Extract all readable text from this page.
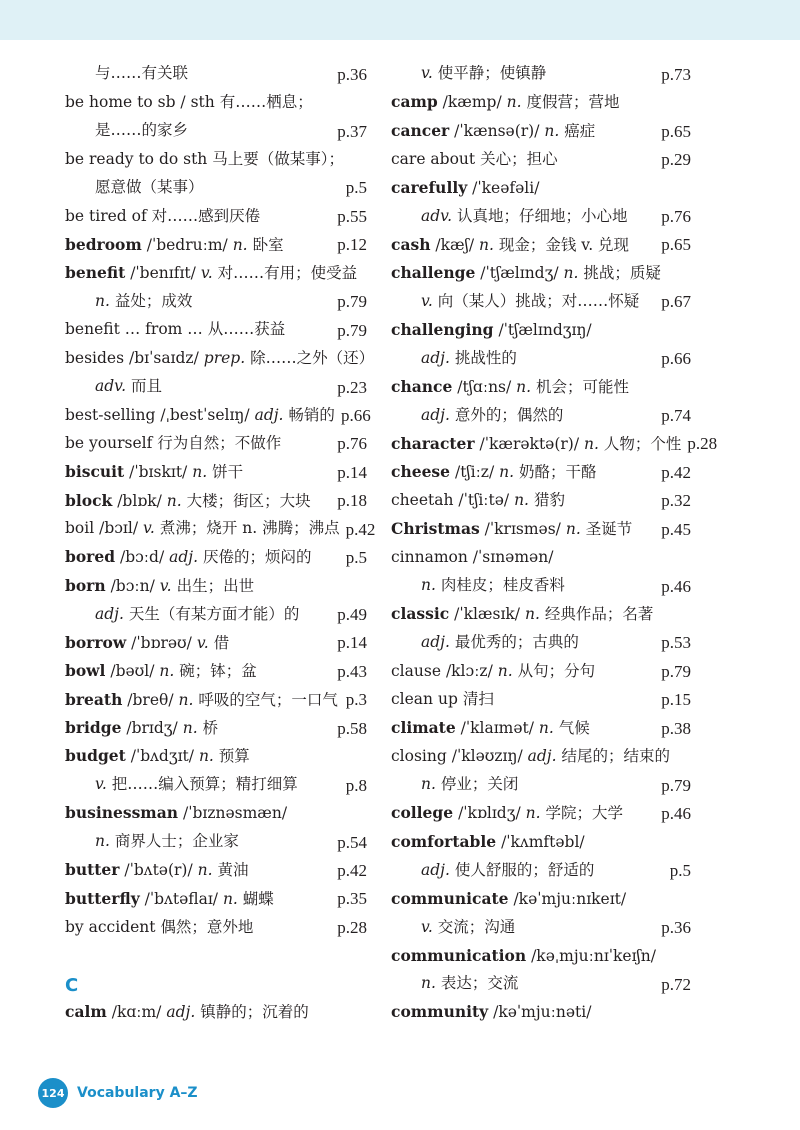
与……有关联	p.36
be home to sb / sth 有……栖息；
是……的家乡	p.37
be ready to do sth 马上要（做某事）；
愿意做（某事）	p.5
be tired of 对……感到厌倦	p.55
bedroom /ˈbedruːm/ n. 卧室	p.12
benefit /ˈbenɪfɪt/ v. 对……有用；使受益
n. 益处；成效	p.79
benefit … from … 从……获益	p.79
besides /bɪˈsaɪdz/ prep. 除……之外（还）
adv. 而且	p.23
best-selling /ˌbestˈselɪŋ/ adj. 畅销的 p.66
be yourself 行为自然；不做作	p.76
biscuit /ˈbɪskɪt/ n. 饼干	p.14
block /blɒk/ n. 大楼；街区；大块	p.18
boil /bɔɪl/ v. 煮沸；烧开 n. 沸腾；沸点 p.42
bored /bɔːd/ adj. 厌倦的；烦闷的	p.5
born /bɔːn/ v. 出生；出世
adj. 天生（有某方面才能）的	p.49
borrow /ˈbɒrəʊ/ v. 借	p.14
bowl /bəʊl/ n. 碗；钵；盆	p.43
breath /breθ/ n. 呼吸的空气；一口气 p.3
bridge /brɪdʒ/ n. 桥	p.58
budget /ˈbʌdʒɪt/ n. 预算
v. 把……编入预算；精打细算	p.8
businessman /ˈbɪznəsmæn/
n. 商界人士；企业家	p.54
butter /ˈbʌtə(r)/ n. 黄油	p.42
butterfly /ˈbʌtəflaɪ/ n. 蝴蝶	p.35
by accident 偶然；意外地	p.28
C
calm /kɑːm/ adj. 镇静的；沉着的
v. 使平静；使镇静	p.73
camp /kæmp/ n. 度假营；营地
cancer /ˈkænsə(r)/ n. 癌症	p.65
care about 关心；担心	p.29
carefully /ˈkeəfəli/
adv. 认真地；仔细地；小心地	p.76
cash /kæʃ/ n. 现金；金钱 v. 兑现	p.65
challenge /ˈtʃælɪndʒ/ n. 挑战；质疑
v. 向（某人）挑战；对……怀疑	p.67
challenging /ˈtʃælɪndʒɪŋ/
adj. 挑战性的	p.66
chance /tʃɑːns/ n. 机会；可能性
adj. 意外的；偶然的	p.74
character /ˈkærəktə(r)/ n. 人物；个性 p.28
cheese /tʃiːz/ n. 奶酪；干酪	p.42
cheetah /ˈtʃiːtə/ n. 猎豹	p.32
Christmas /ˈkrɪsməs/ n. 圣诞节	p.45
cinnamon /ˈsɪnəmən/
n. 肉桂皮；桂皮香料	p.46
classic /ˈklæsɪk/ n. 经典作品；名著
adj. 最优秀的；古典的	p.53
clause /klɔːz/ n. 从句；分句	p.79
clean up 清扫	p.15
climate /ˈklaɪmət/ n. 气候	p.38
closing /ˈkləʊzɪŋ/ adj. 结尾的；结束的
n. 停业；关闭	p.79
college /ˈkɒlɪdʒ/ n. 学院；大学	p.46
comfortable /ˈkʌmftəbl/
adj. 使人舒服的；舒适的	p.5
communicate /kəˈmjuːnɪkeɪt/
v. 交流；沟通	p.36
communication /kəˌmjuːnɪˈkeɪʃn/
n. 表达；交流	p.72
community /kəˈmjuːnəti/
124 Vocabulary A–Z
